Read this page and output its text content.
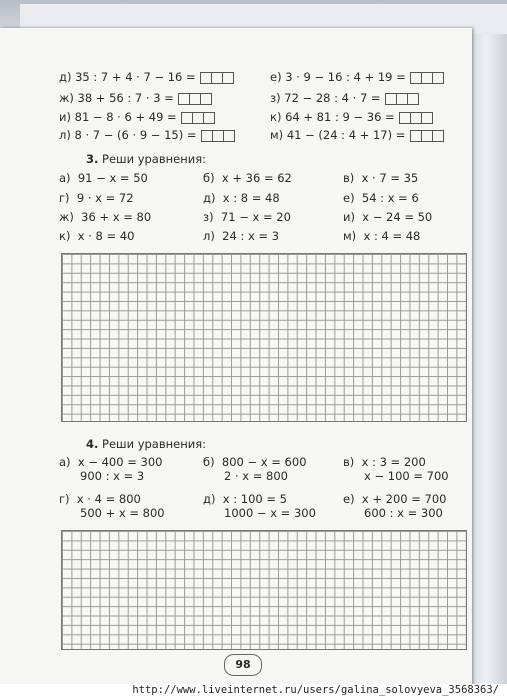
д) 35 : 7 + 4 · 7 − 16 =
ж) 38 + 56 : 7 · 3 =
и) 81 − 8 · 6 + 49 =
л) 8 · 7 − (6 · 9 − 15) =
е) 3 · 9 − 16 : 4 + 19 =
з) 72 − 28 : 4 · 7 =
к) 64 + 81 : 9 − 36 =
м) 41 − (24 : 4 + 17) =
3. Реши уравнения:
а) 91 − x = 50	б) x + 36 = 62	в) x · 7 = 35
г) 9 · x = 72	д) x : 8 = 48	е) 54 : x = 6
ж) 36 + x = 80	з) 71 − x = 20	и) x − 24 = 50
к) x · 8 = 40	л) 24 : x = 3	м) x : 4 = 48
4. Реши уравнения:
а) x − 400 = 300
900 : x = 3
б) 800 − x = 600
2 · x = 800
в) x : 3 = 200
x − 100 = 700
г) x · 4 = 800
500 + x = 800
д) x : 100 = 5
1000 − x = 300
е) x + 200 = 700
600 : x = 300
98
http://www.liveinternet.ru/users/galina_solovyeva_3568363/
